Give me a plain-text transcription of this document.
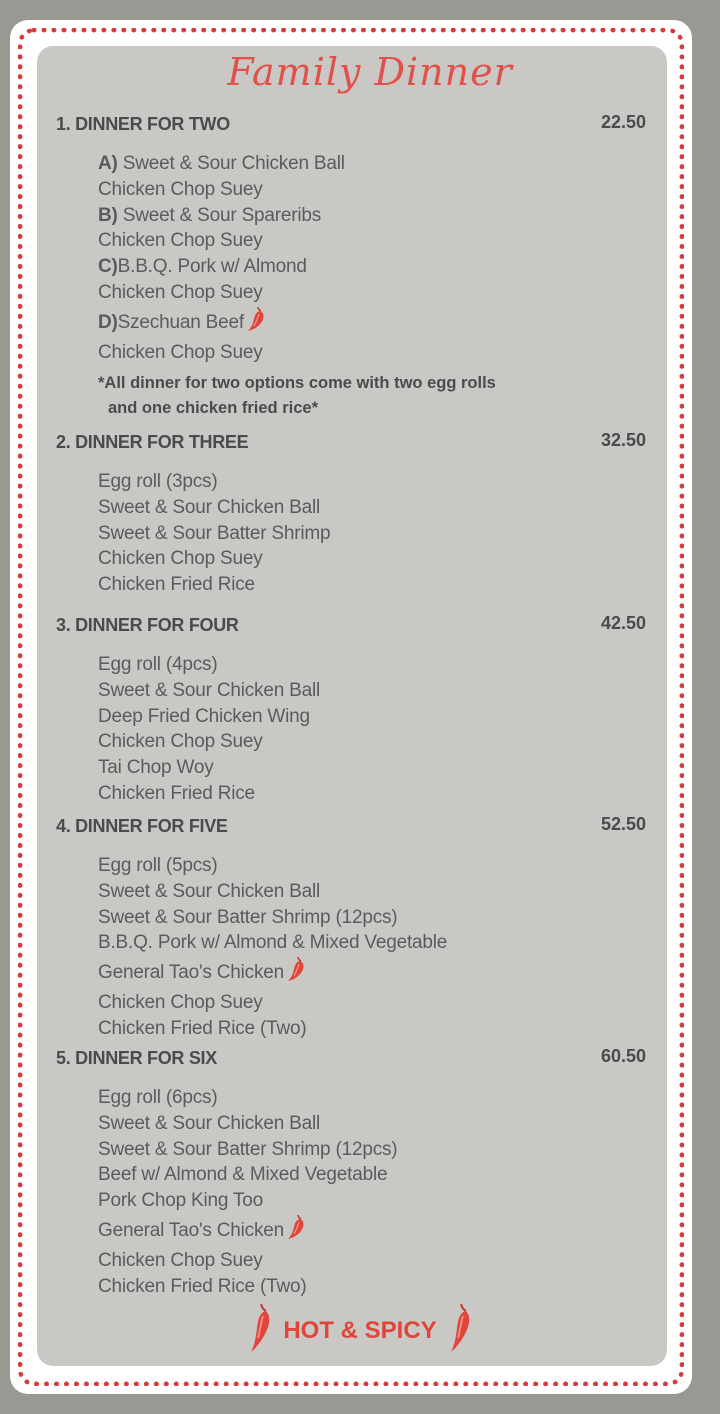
Family Dinner
1. DINNER FOR TWO	22.50
A) Sweet & Sour Chicken Ball
Chicken Chop Suey
B) Sweet & Sour Spareribs
Chicken Chop Suey
C)B.B.Q. Pork w/ Almond
Chicken Chop Suey
D)Szechuan Beef
Chicken Chop Suey
*All dinner for two options come with two egg rolls
and one chicken fried rice*
2. DINNER FOR THREE	32.50
Egg roll (3pcs)
Sweet & Sour Chicken Ball
Sweet & Sour Batter Shrimp
Chicken Chop Suey
Chicken Fried Rice
3. DINNER FOR FOUR	42.50
Egg roll (4pcs)
Sweet & Sour Chicken Ball
Deep Fried Chicken Wing
Chicken Chop Suey
Tai Chop Woy
Chicken Fried Rice
4. DINNER FOR FIVE	52.50
Egg roll (5pcs)
Sweet & Sour Chicken Ball
Sweet & Sour Batter Shrimp (12pcs)
B.B.Q. Pork w/ Almond & Mixed Vegetable
General Tao's Chicken
Chicken Chop Suey
Chicken Fried Rice (Two)
5. DINNER FOR SIX	60.50
Egg roll (6pcs)
Sweet & Sour Chicken Ball
Sweet & Sour Batter Shrimp (12pcs)
Beef w/ Almond & Mixed Vegetable
Pork Chop King Too
General Tao's Chicken
Chicken Chop Suey
Chicken Fried Rice (Two)
HOT & SPICY
